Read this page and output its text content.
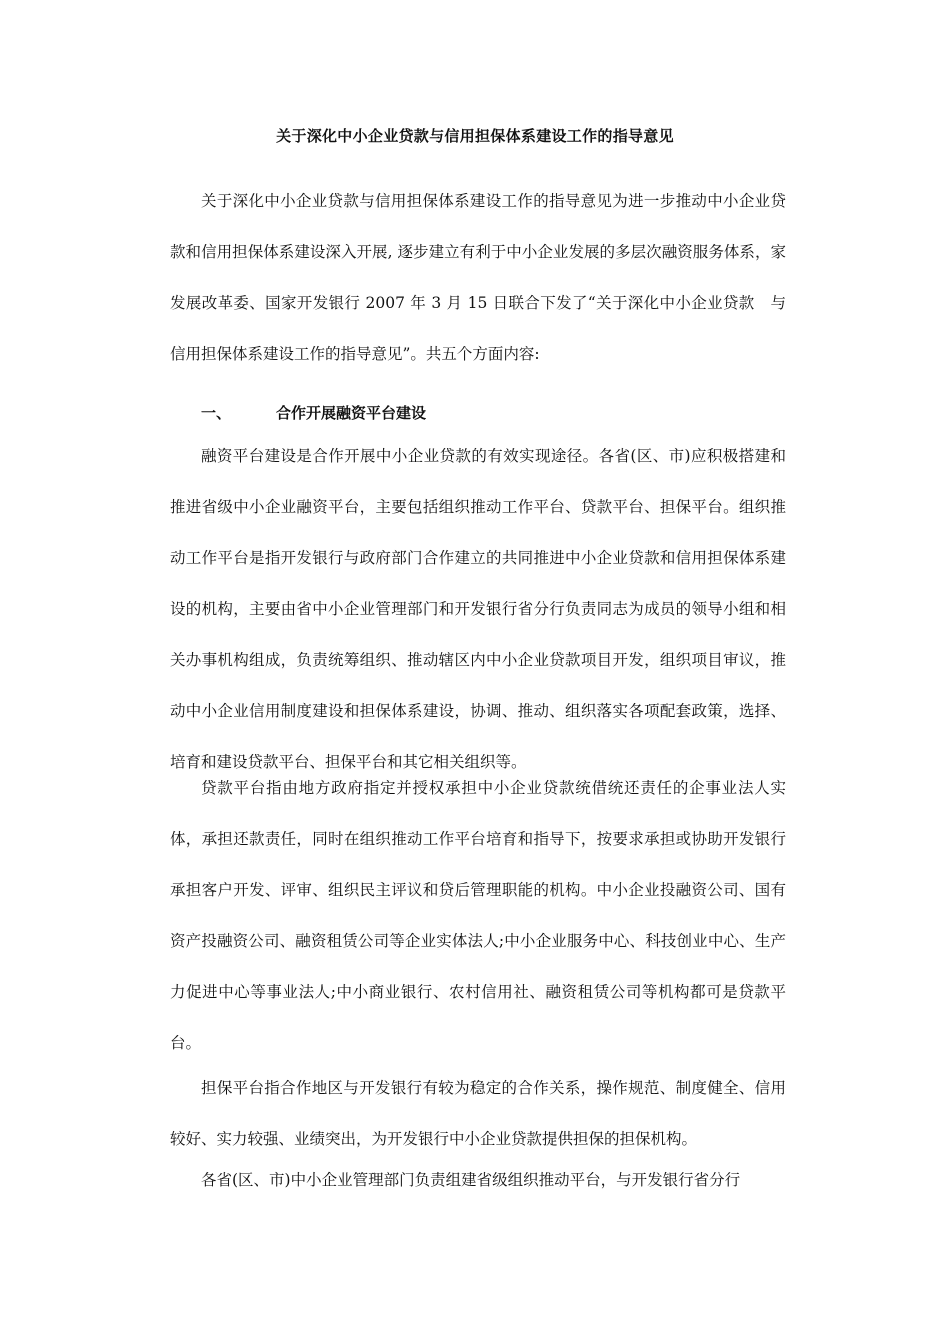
关于深化中小企业贷款与信用担保体系建设工作的指导意见

关于深化中小企业贷款与信用担保体系建设工作的指导意见为进一步推动中小企业贷款和信用担保体系建设深入开展, 逐步建立有利于中小企业发展的多层次融资服务体系，家发展改革委、国家开发银行 2007 年 3 月 15 日联合下发了“关于深化中小企业贷款　与信用担保体系建设工作的指导意见”。共五个方面内容:

一、	合作开展融资平台建设

融资平台建设是合作开展中小企业贷款的有效实现途径。各省(区、市)应积极搭建和推进省级中小企业融资平台，主要包括组织推动工作平台、贷款平台、担保平台。组织推动工作平台是指开发银行与政府部门合作建立的共同推进中小企业贷款和信用担保体系建设的机构，主要由省中小企业管理部门和开发银行省分行负责同志为成员的领导小组和相关办事机构组成，负责统筹组织、推动辖区内中小企业贷款项目开发，组织项目审议，推动中小企业信用制度建设和担保体系建设，协调、推动、组织落实各项配套政策，选择、培育和建设贷款平台、担保平台和其它相关组织等。

贷款平台指由地方政府指定并授权承担中小企业贷款统借统还责任的企事业法人实体，承担还款责任，同时在组织推动工作平台培育和指导下，按要求承担或协助开发银行承担客户开发、评审、组织民主评议和贷后管理职能的机构。中小企业投融资公司、国有资产投融资公司、融资租赁公司等企业实体法人;中小企业服务中心、科技创业中心、生产力促进中心等事业法人;中小商业银行、农村信用社、融资租赁公司等机构都可是贷款平台。

担保平台指合作地区与开发银行有较为稳定的合作关系，操作规范、制度健全、信用较好、实力较强、业绩突出，为开发银行中小企业贷款提供担保的担保机构。

各省(区、市)中小企业管理部门负责组建省级组织推动平台，与开发银行省分行
